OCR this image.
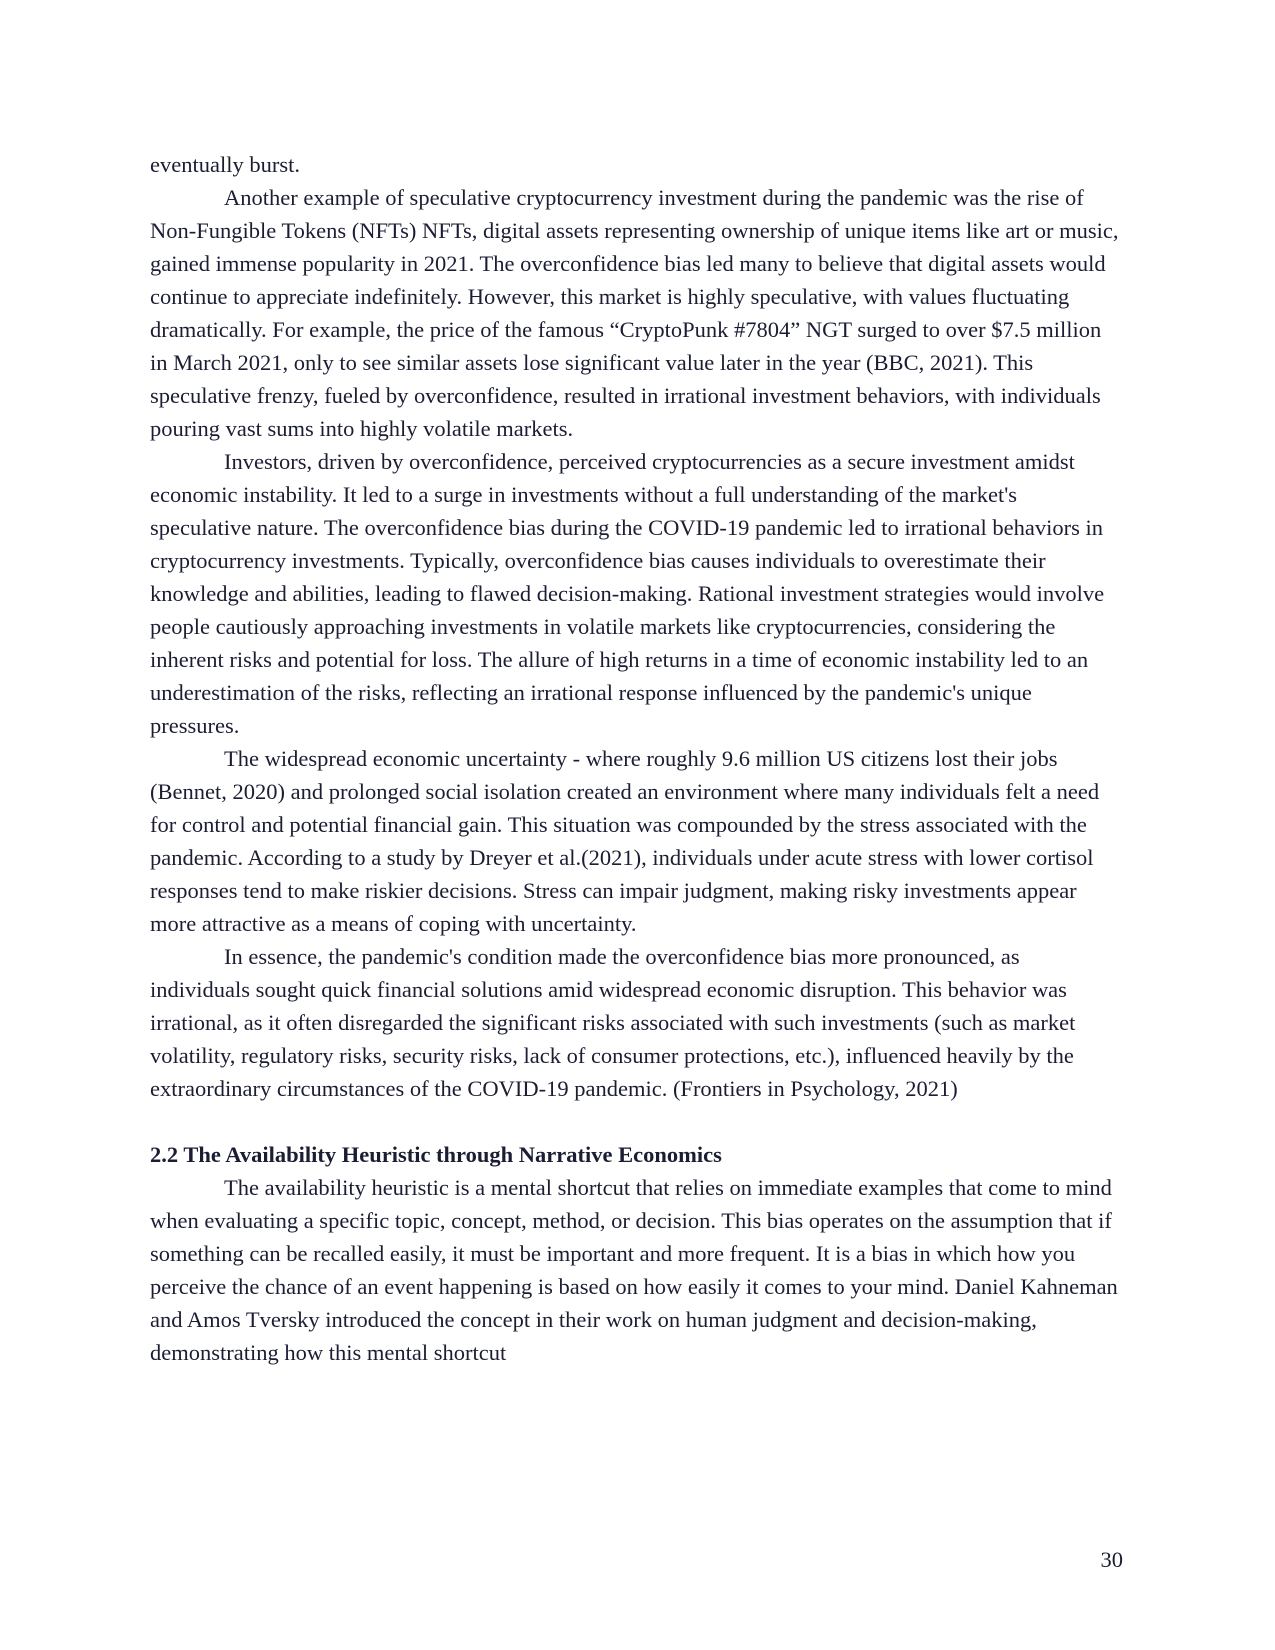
eventually burst.

Another example of speculative cryptocurrency investment during the pandemic was the rise of Non-Fungible Tokens (NFTs) NFTs, digital assets representing ownership of unique items like art or music, gained immense popularity in 2021. The overconfidence bias led many to believe that digital assets would continue to appreciate indefinitely. However, this market is highly speculative, with values fluctuating dramatically. For example, the price of the famous “CryptoPunk #7804” NGT surged to over $7.5 million in March 2021, only to see similar assets lose significant value later in the year (BBC, 2021). This speculative frenzy, fueled by overconfidence, resulted in irrational investment behaviors, with individuals pouring vast sums into highly volatile markets.

Investors, driven by overconfidence, perceived cryptocurrencies as a secure investment amidst economic instability. It led to a surge in investments without a full understanding of the market's speculative nature. The overconfidence bias during the COVID-19 pandemic led to irrational behaviors in cryptocurrency investments. Typically, overconfidence bias causes individuals to overestimate their knowledge and abilities, leading to flawed decision-making. Rational investment strategies would involve people cautiously approaching investments in volatile markets like cryptocurrencies, considering the inherent risks and potential for loss. The allure of high returns in a time of economic instability led to an underestimation of the risks, reflecting an irrational response influenced by the pandemic's unique pressures.

The widespread economic uncertainty - where roughly 9.6 million US citizens lost their jobs (Bennet, 2020) and prolonged social isolation created an environment where many individuals felt a need for control and potential financial gain. This situation was compounded by the stress associated with the pandemic. According to a study by Dreyer et al.(2021), individuals under acute stress with lower cortisol responses tend to make riskier decisions. Stress can impair judgment, making risky investments appear more attractive as a means of coping with uncertainty.

In essence, the pandemic's condition made the overconfidence bias more pronounced, as individuals sought quick financial solutions amid widespread economic disruption. This behavior was irrational, as it often disregarded the significant risks associated with such investments (such as market volatility, regulatory risks, security risks, lack of consumer protections, etc.), influenced heavily by the extraordinary circumstances of the COVID-19 pandemic. (Frontiers in Psychology, 2021)

2.2 The Availability Heuristic through Narrative Economics

The availability heuristic is a mental shortcut that relies on immediate examples that come to mind when evaluating a specific topic, concept, method, or decision. This bias operates on the assumption that if something can be recalled easily, it must be important and more frequent. It is a bias in which how you perceive the chance of an event happening is based on how easily it comes to your mind. Daniel Kahneman and Amos Tversky introduced the concept in their work on human judgment and decision-making, demonstrating how this mental shortcut

30
